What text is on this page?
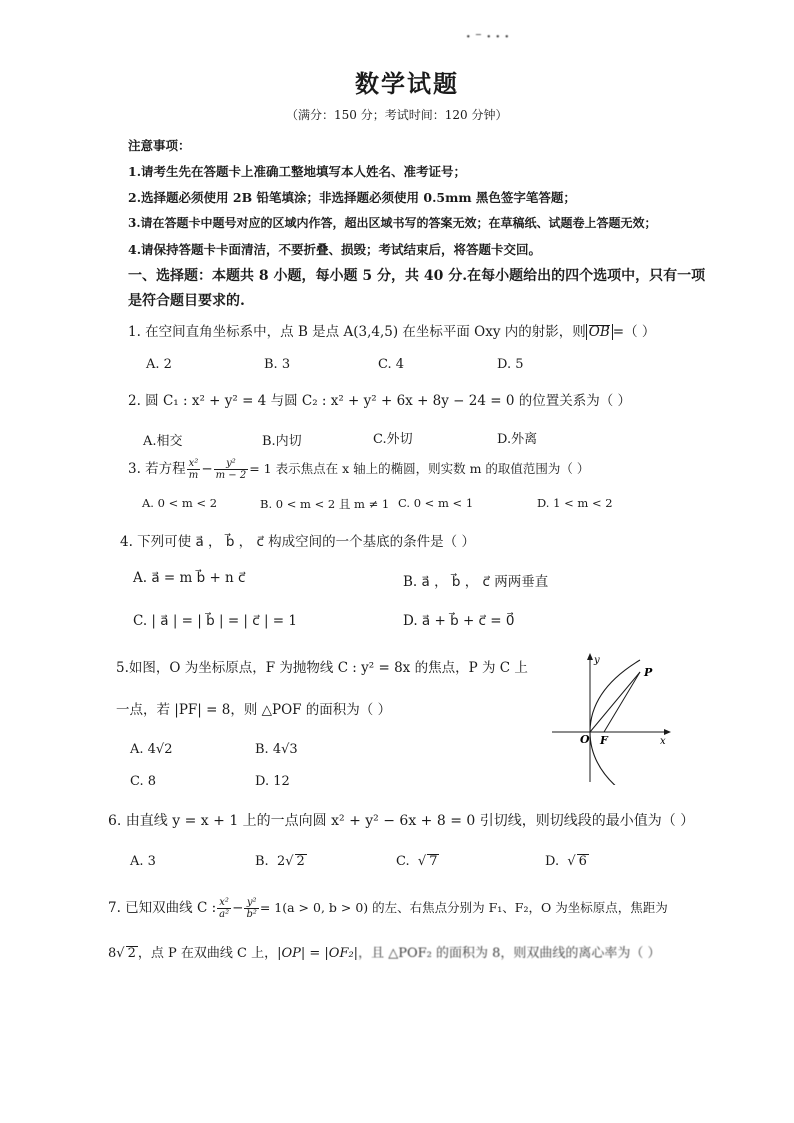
· ⁻ · · ·
数学试题
（满分：150 分；考试时间：120 分钟）
注意事项：
1.请考生先在答题卡上准确工整地填写本人姓名、准考证号；
2.选择题必须使用 2B 铅笔填涂；非选择题必须使用 0.5mm 黑色签字笔答题；
3.请在答题卡中题号对应的区域内作答，超出区域书写的答案无效；在草稿纸、试题卷上答题无效；
4.请保持答题卡卡面清洁，不要折叠、损毁；考试结束后，将答题卡交回。
一、选择题：本题共 8 小题，每小题 5 分，共 40 分.在每小题给出的四个选项中，只有一项
是符合题目要求的.
1. 在空间直角坐标系中，点 B 是点 A(3,4,5) 在坐标平面 Oxy 内的射影，则 OB =（ ）
A. 2	B. 3	C. 4	D. 5
2. 圆 C₁ : x² + y² = 4 与圆 C₂ : x² + y² + 6x + 8y − 24 = 0 的位置关系为（ ）
A.相交	B.内切	C.外切	D.外离
3. 若方程 $\frac{\text{x²}}{m} - \frac{\text{y²}}{m - 2} = 1$ 表示焦点在 x 轴上的椭圆，则实数 m 的取值范围为（ ）
A. 0 < m < 2	B. 0 < m < 2 且 m ≠ 1 C. 0 < m < 1	D. 1 < m < 2
4. 下列可使 a⃗ ， b⃗ ， c⃗ 构成空间的一个基底的条件是（ ）
A. a⃗ = m b⃗ + n c⃗	B. a⃗ ， b⃗ ， c⃗ 两两垂直
C. | a⃗ | = | b⃗ | = | c⃗ | = 1	D. a⃗ + b⃗ + c⃗ = 0⃗
5.如图，O 为坐标原点，F 为抛物线 C : y² = 8x 的焦点，P 为 C 上
一点，若 |PF| = 8，则 △POF 的面积为（ ）
A. 4√2	B. 4√3
C. 8	D. 12
y
x
O F
P
6. 由直线 y = x + 1 上的一点向圆 x² + y² − 6x + 8 = 0 引切线，则切线段的最小值为（ ）
A. 3	B. 2√ 2	C.  √ 7	D.  √ 6
7. 已知双曲线 C : $\frac{\text{x²}}{\text{a²}} - \frac{\text{y²}}{\text{b²}} = 1(a > 0$, b > 0) 的左、右焦点分别为 F₁、F₂，O 为坐标原点，焦距为
8√ 2 ，点 P 在双曲线 C 上，|OP| = |OF₂|，且 △POF₂ 的面积为 8，则双曲线的离心率为（ ）
